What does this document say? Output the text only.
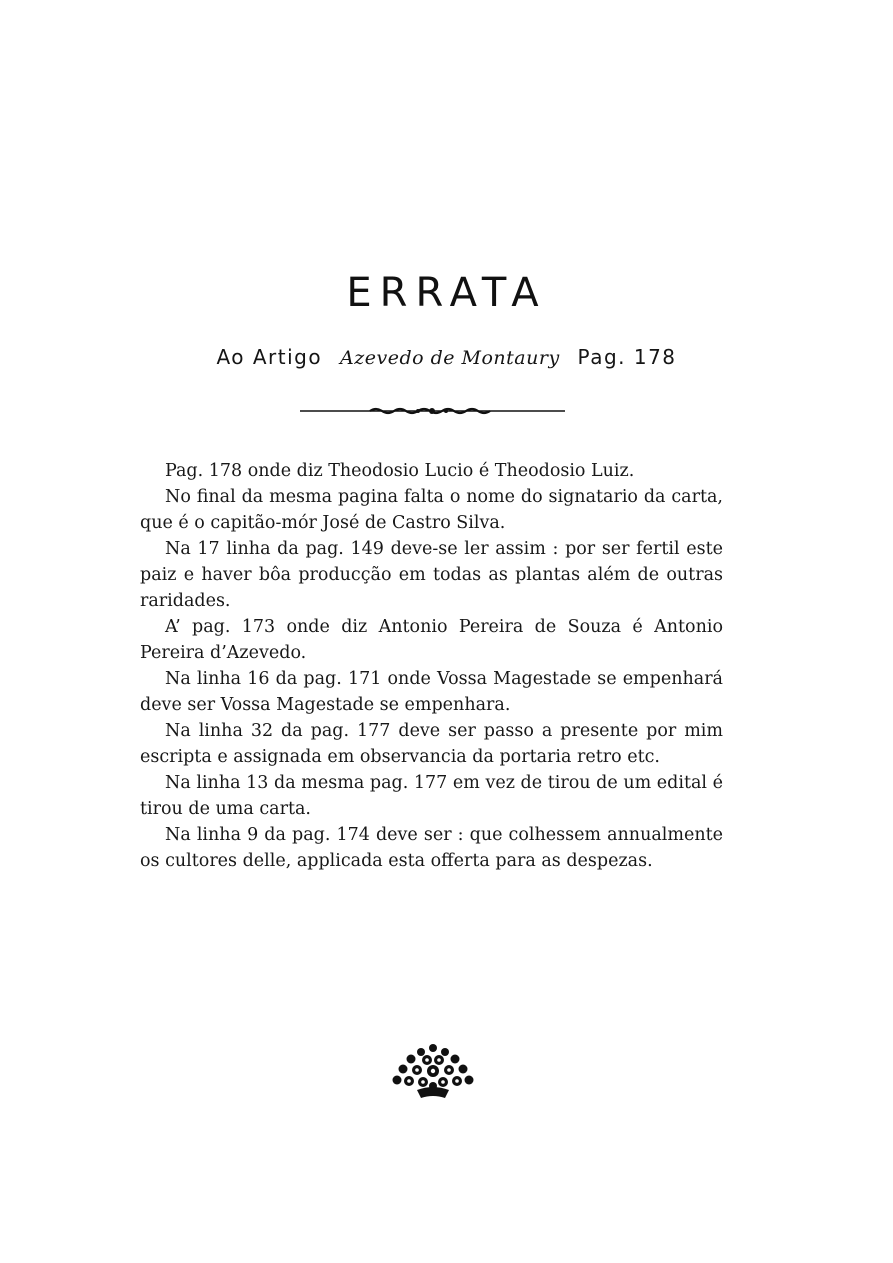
ERRATA
Ao Artigo Azevedo de Montaury Pag. 178

Pag. 178 onde diz Theodosio Lucio é Theodosio Luiz.

No final da mesma pagina falta o nome do signatario da carta, que é o capitão-mór José de Castro Silva.

Na 17 linha da pag. 149 deve-se ler assim : por ser fertil este paiz e haver bôa producção em todas as plantas além de outras raridades.

A’ pag. 173 onde diz Antonio Pereira de Souza é Antonio Pereira d’Azevedo.

Na linha 16 da pag. 171 onde Vossa Magestade se empenhará deve ser Vossa Magestade se empenhara.

Na linha 32 da pag. 177 deve ser passo a presente por mim escripta e assignada em observancia da portaria retro etc.

Na linha 13 da mesma pag. 177 em vez de tirou de um edital é tirou de uma carta.

Na linha 9 da pag. 174 deve ser : que colhessem annualmente os cultores delle, applicada esta offerta para as despezas.
